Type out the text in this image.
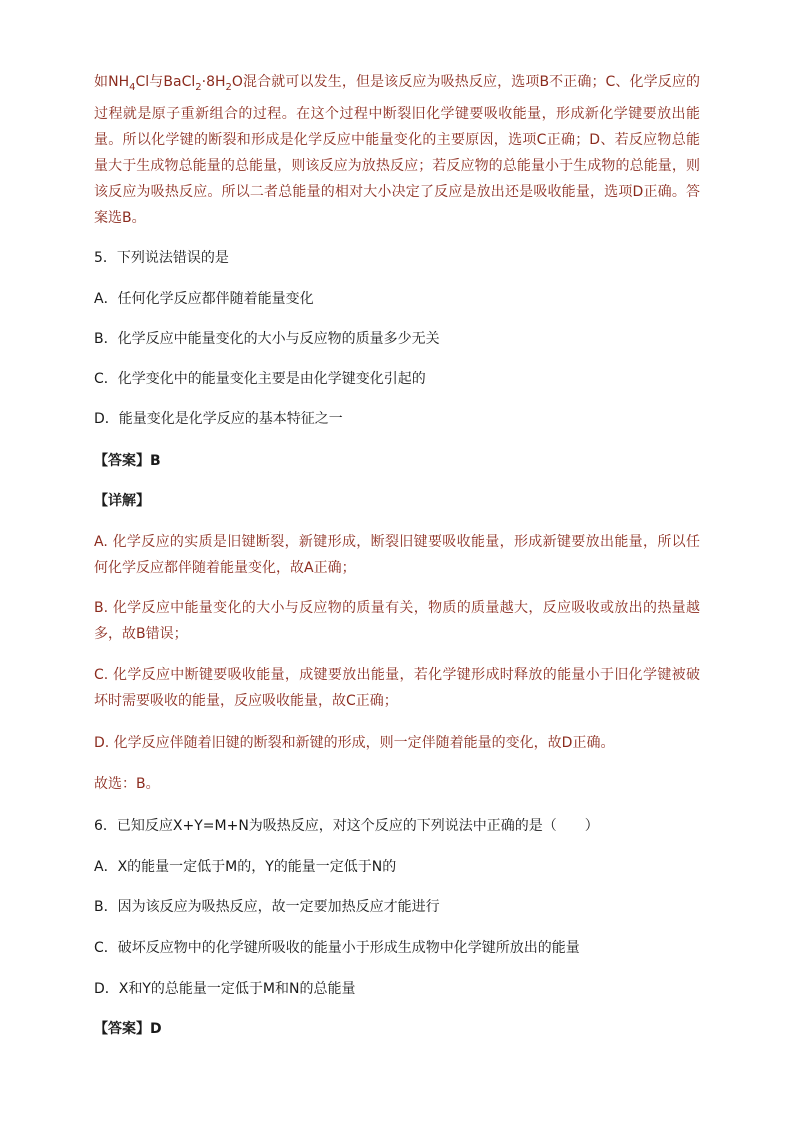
如$NH_4Cl$与$BaCl_2\cdot 8H_2O$混合就可以发生，但是该反应为吸热反应，选项B不正确；C、化学反应的过程就是原子重新组合的过程。在这个过程中断裂旧化学键要吸收能量，形成新化学键要放出能量。所以化学键的断裂和形成是化学反应中能量变化的主要原因，选项C正确；D、若反应物总能量大于生成物总能量的总能量，则该反应为放热反应；若反应物的总能量小于生成物的总能量，则该反应为吸热反应。所以二者总能量的相对大小决定了反应是放出还是吸收能量，选项D正确。答案选B。
5．下列说法错误的是
A．任何化学反应都伴随着能量变化
B．化学反应中能量变化的大小与反应物的质量多少无关
C．化学变化中的能量变化主要是由化学键变化引起的
D．能量变化是化学反应的基本特征之一
【答案】B
【详解】
A. 化学反应的实质是旧键断裂，新键形成，断裂旧键要吸收能量，形成新键要放出能量，所以任何化学反应都伴随着能量变化，故A正确；
B. 化学反应中能量变化的大小与反应物的质量有关，物质的质量越大，反应吸收或放出的热量越多，故B错误；
C. 化学反应中断键要吸收能量，成键要放出能量，若化学键形成时释放的能量小于旧化学键被破坏时需要吸收的能量，反应吸收能量，故C正确；
D. 化学反应伴随着旧键的断裂和新键的形成，则一定伴随着能量的变化，故D正确。
故选：B。
6．已知反应X+Y=M+N为吸热反应，对这个反应的下列说法中正确的是（　　）
A．X的能量一定低于M的，Y的能量一定低于N的
B．因为该反应为吸热反应，故一定要加热反应才能进行
C．破坏反应物中的化学键所吸收的能量小于形成生成物中化学键所放出的能量
D．X和Y的总能量一定低于M和N的总能量
【答案】D
